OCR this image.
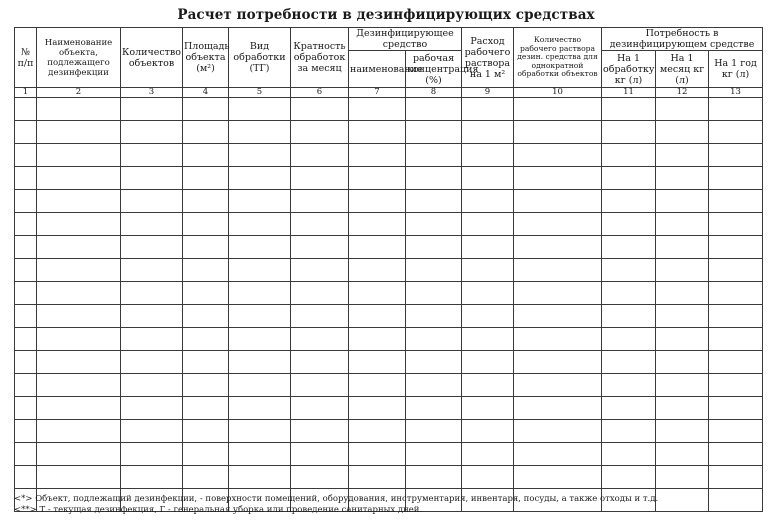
Расчет потребности в дезинфицирующих средствах
№ п/п	Наименование объекта, подлежащего дезинфекции	Количество объектов	Площадь объекта (м²)	Вид обработки (ТГ)	Кратность обработок за месяц	Дезинфицирующее средство		Расход рабочего раствора на 1 м²	Количество рабочего раствора дезин. средства для однократной обработки объектов	Потребность в дезинфицирующем средстве		
						наименование	рабочая концентрация (%)			На 1 обработку кг (л)	На 1 месяц кг (л)	На 1 год кг (л)
1	2	3	4	5	6	7	8	9	10	11	12	13

<*> Объект, подлежащий дезинфекции, - поверхности помещений, оборудования, инструментария, инвентаря, посуды, а также отходы и т.д.
<**> Т - текущая дезинфекция, Г - генеральная уборка или проведение санитарных дней.
